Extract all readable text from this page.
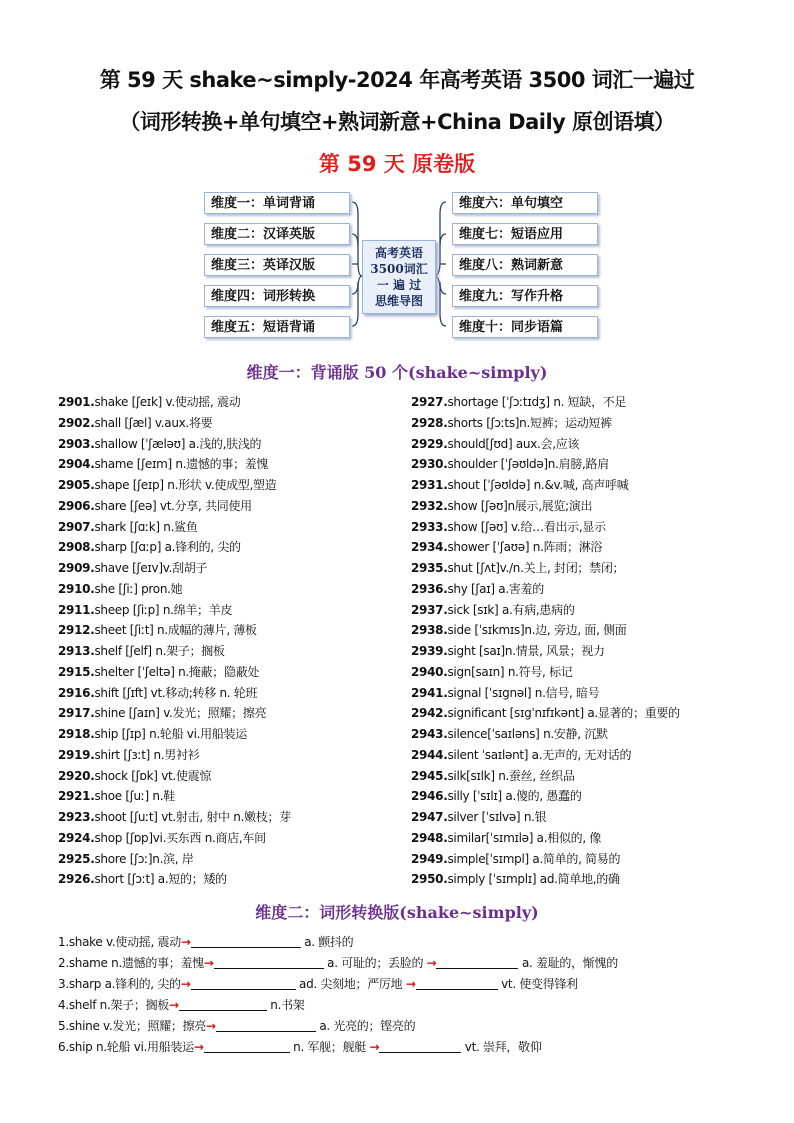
第 59 天 shake~simply-2024 年高考英语 3500 词汇一遍过
（词形转换+单句填空+熟词新意+China Daily 原创语填）
第 59 天 原卷版
维度一：单词背诵
维度二：汉译英版
维度三：英译汉版
维度四：词形转换
维度五：短语背诵
维度六：单句填空
维度七：短语应用
维度八：熟词新意
维度九：写作升格
维度十：同步语篇
高考英语
3500词汇
一 遍 过
思维导图
维度一：背诵版 50 个(shake~simply)
2901.shake [ʃeɪk] v.使动摇, 震动
2902.shall [ʃæl] v.aux.将要
2903.shallow [ˈʃæləʊ] a.浅的,肤浅的
2904.shame [ʃeɪm] n.遗憾的事；羞愧
2905.shape [ʃeɪp] n.形状 v.使成型,塑造
2906.share [ʃeə] vt.分享, 共同使用
2907.shark [ʃɑːk] n.鲨鱼
2908.sharp [ʃɑːp] a.锋利的, 尖的
2909.shave [ʃeɪv]v.刮胡子
2910.she [ʃiː] pron.她
2911.sheep [ʃiːp] n.绵羊；羊皮
2912.sheet [ʃiːt] n.成幅的薄片, 薄板
2913.shelf [ʃelf] n.架子；搁板
2915.shelter [ˈʃeltə] n.掩蔽；隐蔽处
2916.shift [ʃɪft] vt.移动;转移 n. 轮班
2917.shine [ʃaɪn] v.发光；照耀；擦亮
2918.ship [ʃɪp] n.轮船 vi.用船装运
2919.shirt [ʃɜːt] n.男衬衫
2920.shock [ʃɒk] vt.使震惊
2921.shoe [ʃuː] n.鞋
2923.shoot [ʃuːt] vt.射击, 射中 n.嫩枝；芽
2924.shop [ʃɒp]vi.买东西 n.商店,车间
2925.shore [ʃɔː]n.滨, 岸
2926.short [ʃɔːt] a.短的；矮的
2927.shortage [ˈʃɔːtɪdʒ] n. 短缺，不足
2928.shorts [ʃɔːts]n.短裤；运动短裤
2929.should[ʃʊd] aux.会,应该
2930.shoulder [ˈʃəʊldə]n.肩膀,路肩
2931.shout [ˈʃəʊldə] n.&v.喊, 高声呼喊
2932.show [ʃəʊ]n展示,展览;演出
2933.show [ʃəʊ] v.给…看出示,显示
2934.shower [ˈʃaʊə] n.阵雨；淋浴
2935.shut [ʃʌt]v./n.关上, 封闭；禁闭；
2936.shy [ʃaɪ] a.害羞的
2937.sick [sɪk] a.有病,患病的
2938.side [ˈsɪkmɪs]n.边, 旁边, 面, 侧面
2939.sight [saɪ]n.情景, 风景；视力
2940.sign[saɪn] n.符号, 标记
2941.signal [ˈsɪgnəl] n.信号, 暗号
2942.significant [sɪgˈnɪfɪkənt] a.显著的；重要的
2943.silence[ˈsaɪləns] n.安静, 沉默
2944.silent ˈsaɪlənt] a.无声的, 无对话的
2945.silk[sɪlk] n.蚕丝, 丝织品
2946.silly [ˈsɪlɪ] a.傻的, 愚蠢的
2947.silver [ˈsɪlvə] n.银
2948.similar[ˈsɪmɪlə] a.相似的, 像
2949.simple[ˈsɪmpl] a.简单的, 简易的
2950.simply [ˈsɪmplɪ] ad.简单地,的确
维度二：词形转换版(shake~simply)
1.shake v.使动摇, 震动→	a. 颤抖的
2.shame n.遗憾的事；羞愧→	a. 可耻的；丢脸的 →	a. 羞耻的，惭愧的
3.sharp a.锋利的, 尖的→	ad. 尖刻地；严厉地 →	vt. 使变得锋利
4.shelf n.架子；搁板→	n.书架
5.shine v.发光；照耀；擦亮→	a. 光亮的；铿亮的
6.ship n.轮船 vi.用船装运→	n. 军舰；舰艇 →	vt. 崇拜，敬仰
